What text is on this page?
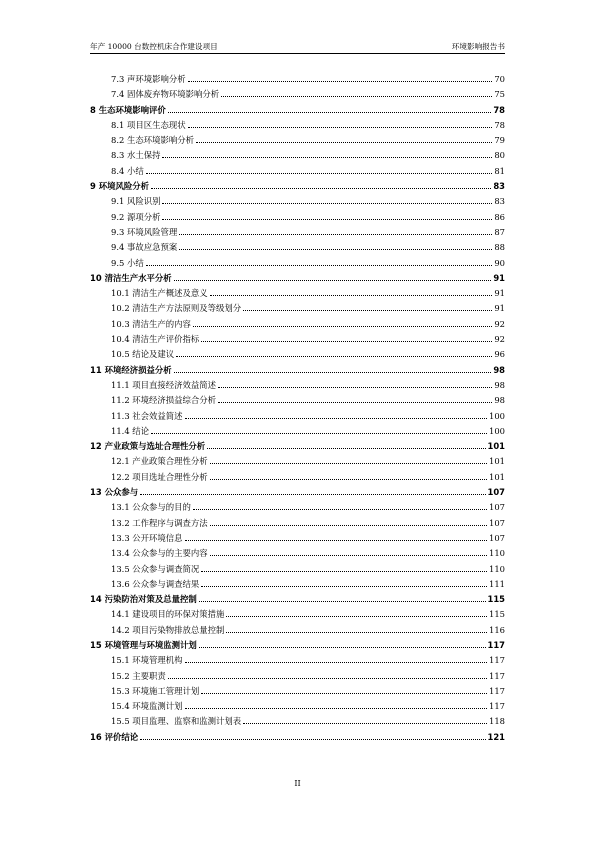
年产 10000 台数控机床合作建设项目	环境影响报告书
7.3 声环境影响分析	70
7.4 固体废弃物环境影响分析	75
8 生态环境影响评价	78
8.1 项目区生态现状	78
8.2 生态环境影响分析	79
8.3 水土保持	80
8.4 小结	81
9 环境风险分析	83
9.1 风险识别	83
9.2 源项分析	86
9.3 环境风险管理	87
9.4 事故应急预案	88
9.5 小结	90
10 清洁生产水平分析	91
10.1 清洁生产概述及意义	91
10.2 清洁生产方法原则及等级划分	91
10.3 清洁生产的内容	92
10.4 清洁生产评价指标	92
10.5 结论及建议	96
11 环境经济损益分析	98
11.1 项目直接经济效益简述	98
11.2 环境经济损益综合分析	98
11.3 社会效益简述	100
11.4 结论	100
12 产业政策与选址合理性分析	101
12.1 产业政策合理性分析	101
12.2 项目选址合理性分析	101
13 公众参与	107
13.1 公众参与的目的	107
13.2 工作程序与调查方法	107
13.3 公开环境信息	107
13.4 公众参与的主要内容	110
13.5 公众参与调查简况	110
13.6 公众参与调查结果	111
14 污染防治对策及总量控制	115
14.1 建设项目的环保对策措施	115
14.2 项目污染物排放总量控制	116
15 环境管理与环境监测计划	117
15.1 环境管理机构	117
15.2 主要职责	117
15.3 环境施工管理计划	117
15.4 环境监测计划	117
15.5 项目监理、监察和监测计划表	118
16 评价结论	121
II
